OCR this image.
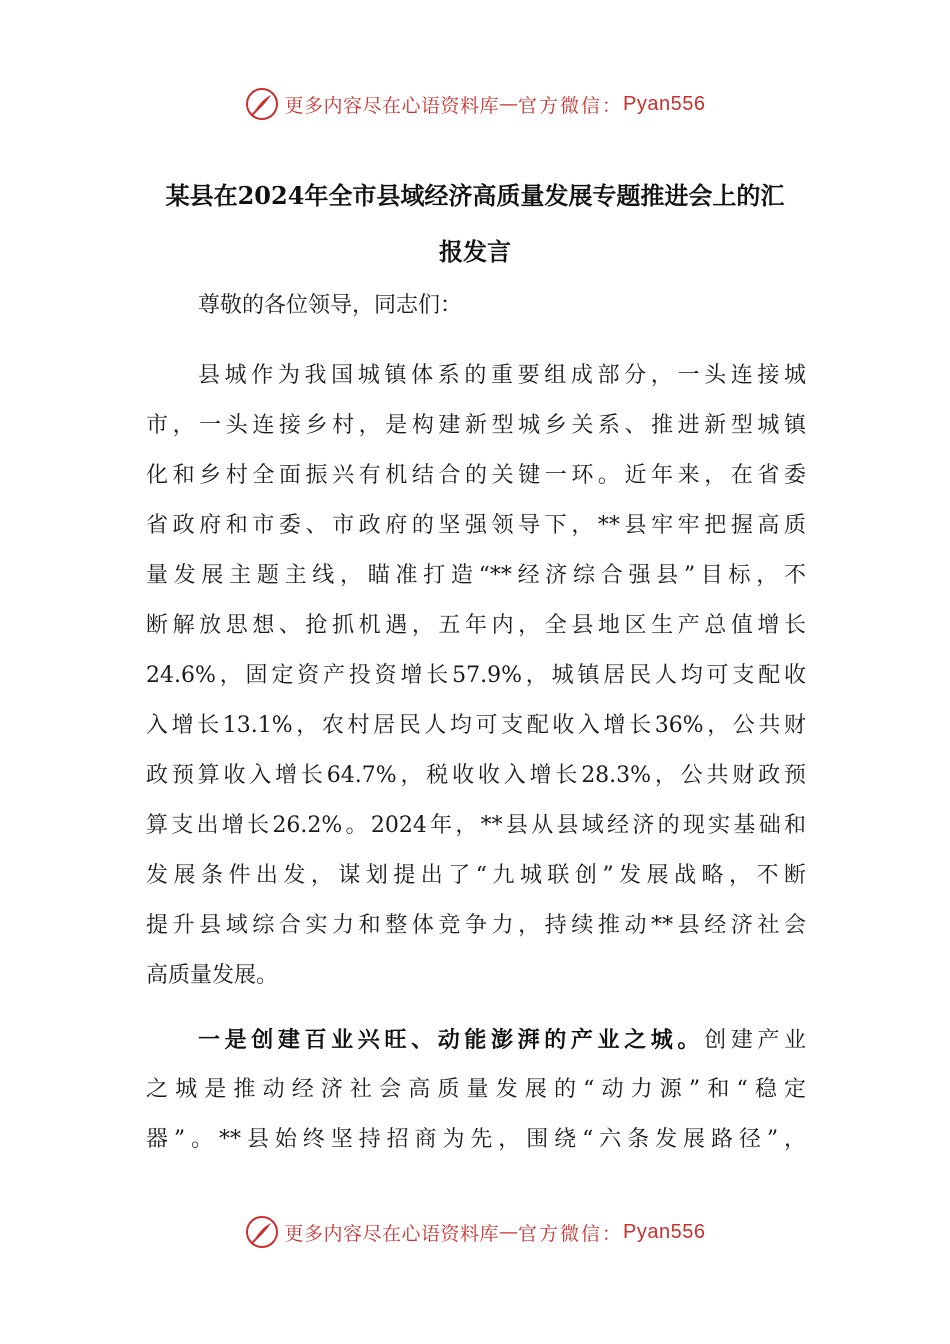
更多内容尽在心语资料库 — 官方微信： Pyan556
某县在2024年全市县域经济高质量发展专题推进会上的汇
报发言
尊敬的各位领导，同志们：
县城作为我国城镇体系的重要组成部分，一头连接城
市，一头连接乡村，是构建新型城乡关系、推进新型城镇
化和乡村全面振兴有机结合的关键一环。近年来，在省委
省政府和市委、市政府的坚强领导下，**县牢牢把握高质
量发展主题主线，瞄准打造“**经济综合强县”目标，不
断解放思想、抢抓机遇，五年内，全县地区生产总值增长
24.6%，固定资产投资增长57.9%，城镇居民人均可支配收
入增长13.1%，农村居民人均可支配收入增长36%，公共财
政预算收入增长64.7%，税收收入增长28.3%，公共财政预
算支出增长26.2%。2024年，**县从县域经济的现实基础和
发展条件出发，谋划提出了“九城联创”发展战略，不断
提升县域综合实力和整体竞争力，持续推动**县经济社会
高质量发展。
一是创建百业兴旺、动能澎湃的产业之城。创建产业
之城是推动经济社会高质量发展的“动力源”和“稳定
器”。**县始终坚持招商为先，围绕“六条发展路径”，
更多内容尽在心语资料库 — 官方微信： Pyan556
